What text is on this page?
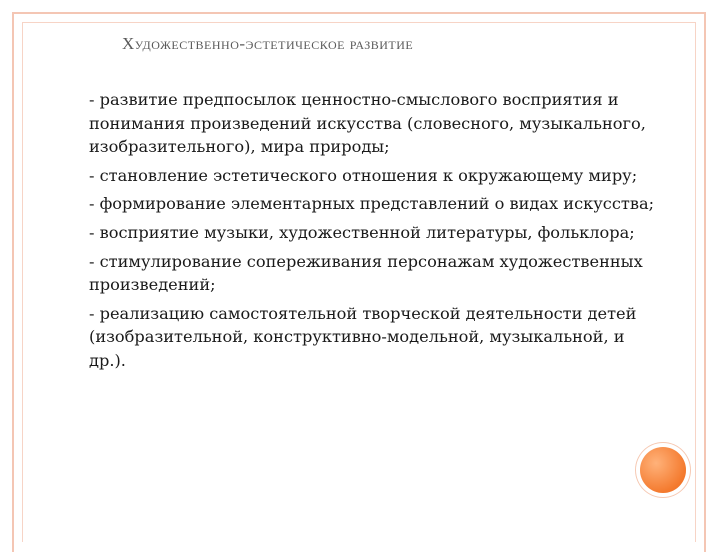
Художественно-эстетическое развитие

- развитие предпосылок ценностно-смыслового восприятия и понимания произведений искусства (словесного, музыкального, изобразительного), мира природы;

- становление эстетического отношения к окружающему миру;

- формирование элементарных представлений о видах искусства;

- восприятие музыки, художественной литературы, фольклора;

- стимулирование сопереживания персонажам художественных произведений;

- реализацию самостоятельной творческой деятельности детей (изобразительной, конструктивно-модельной, музыкальной, и др.).
